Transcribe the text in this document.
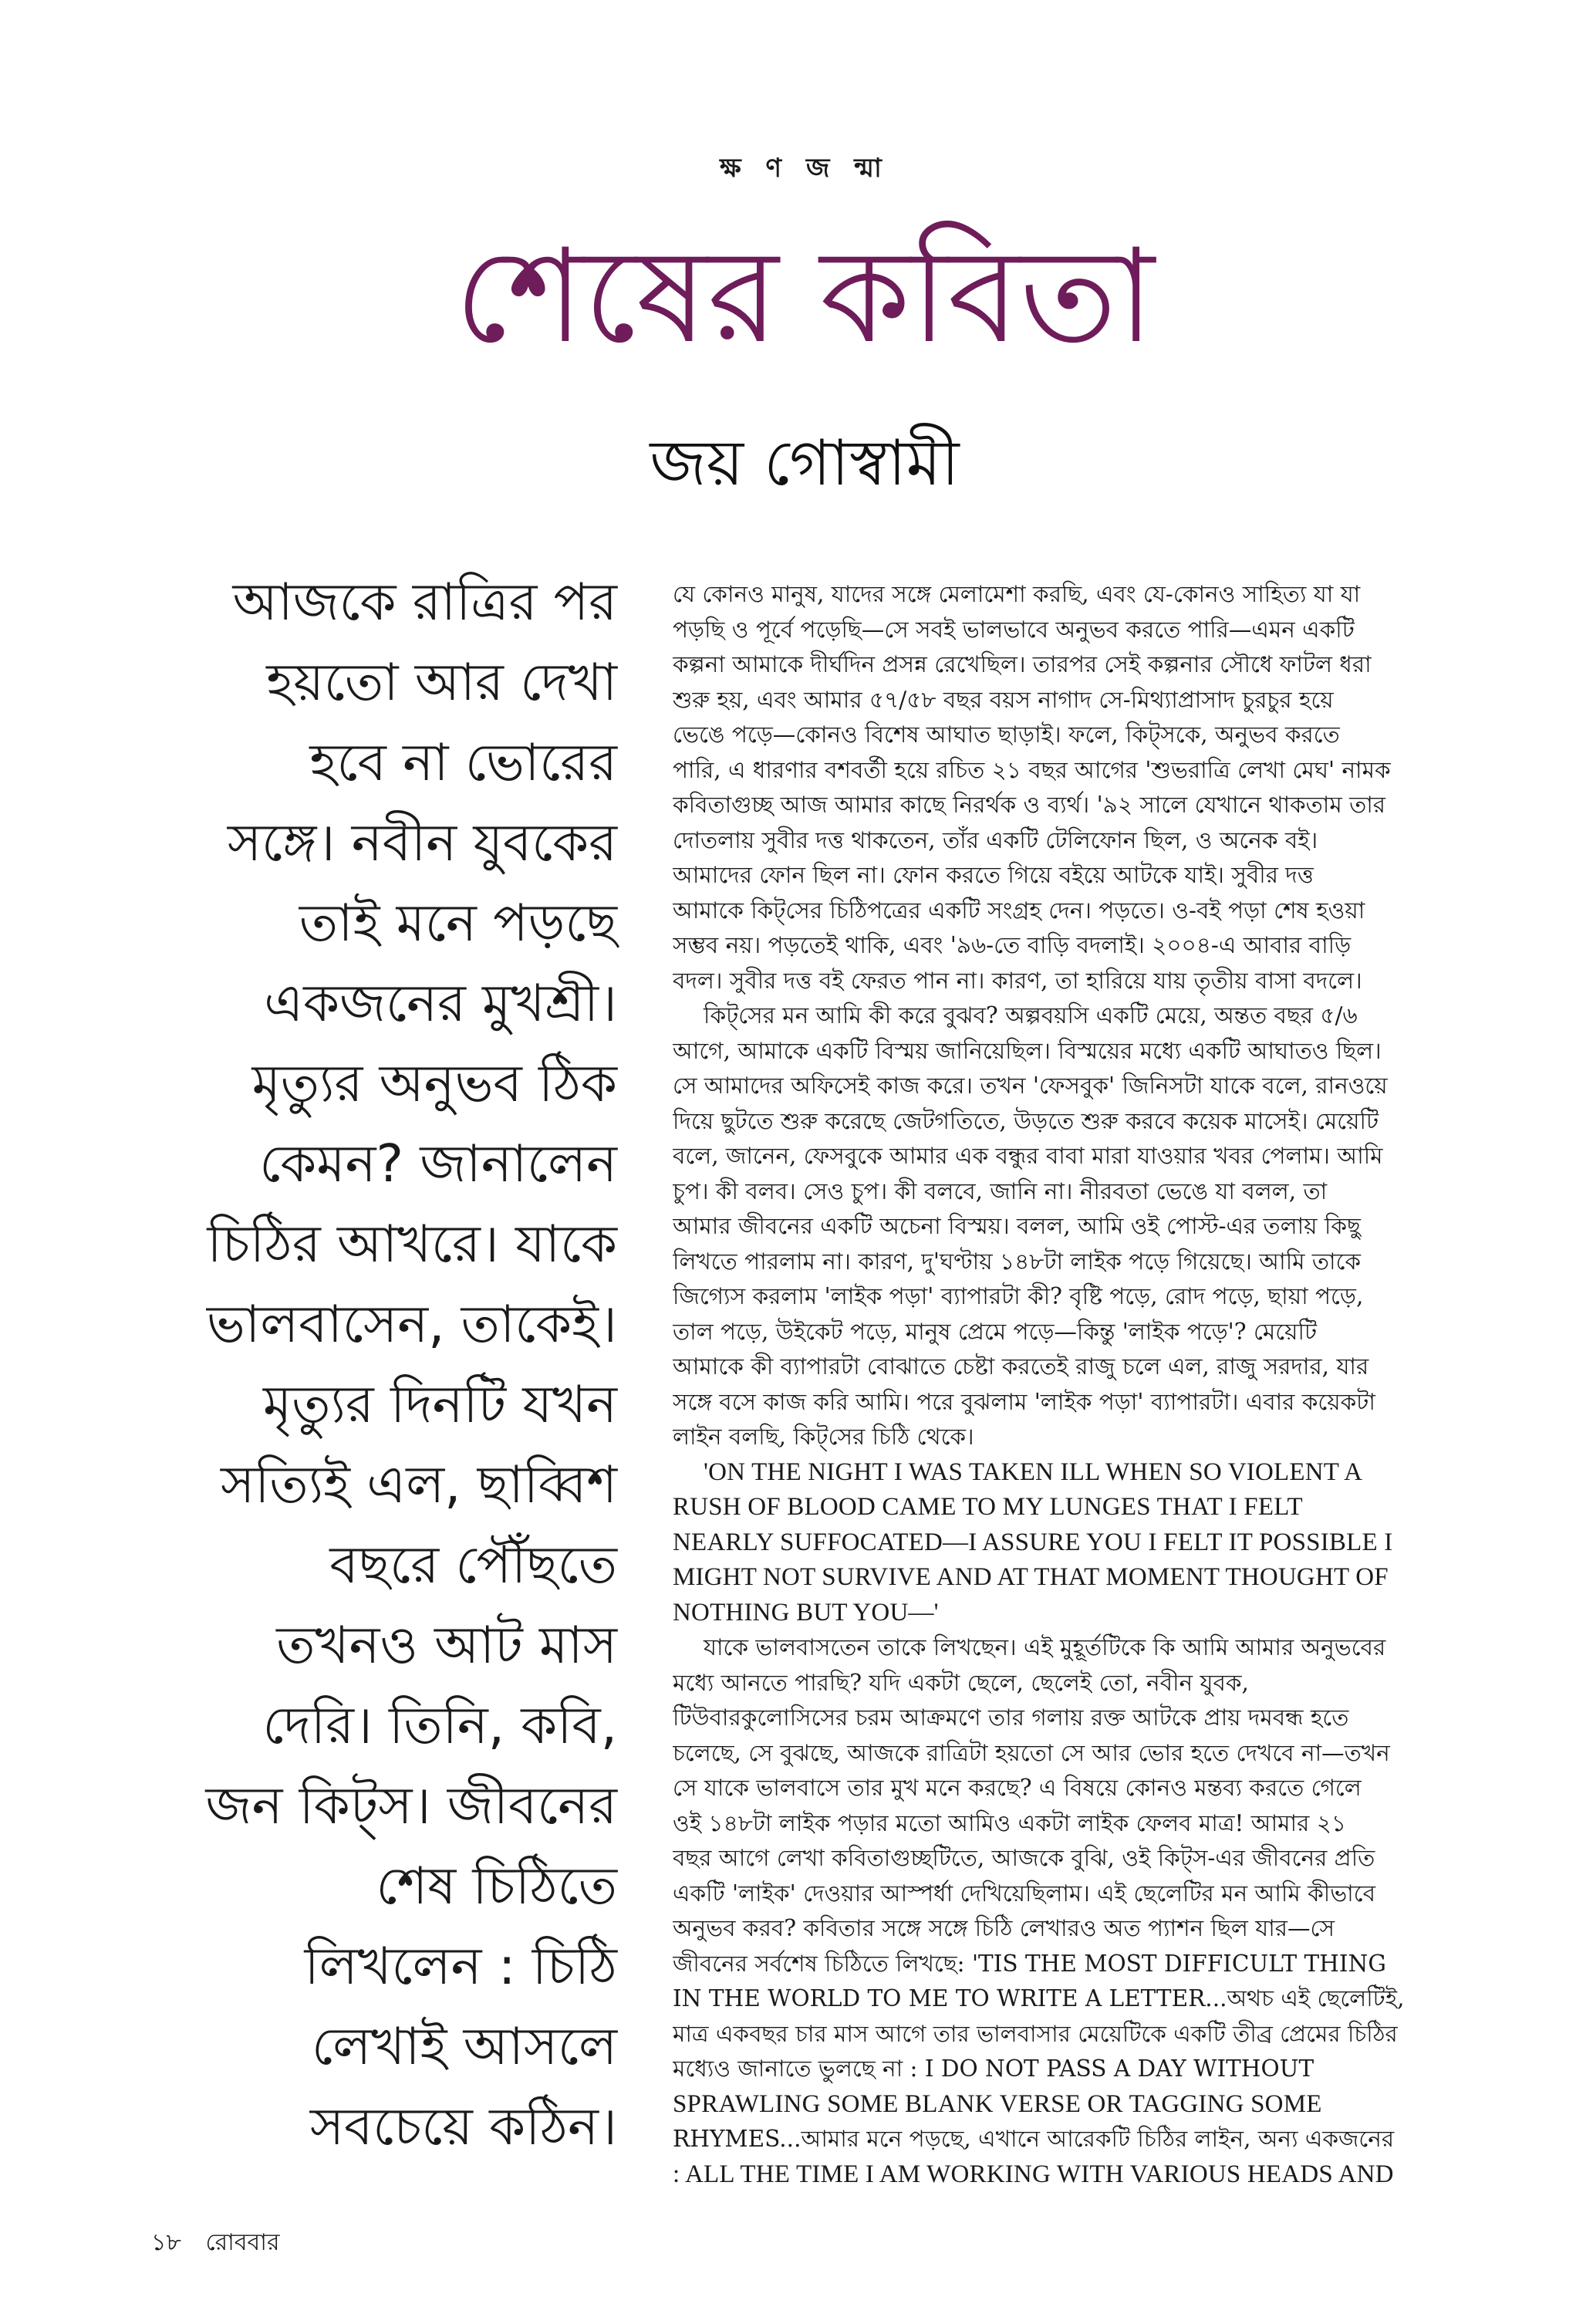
ক্ষ ণ জ ন্মা
শেষের কবিতা
জয় গোস্বামী
আজকে রাত্রির পর
হয়তো আর দেখা
হবে না ভোরের
সঙ্গে। নবীন যুবকের
তাই মনে পড়ছে
একজনের মুখশ্রী।
মৃত্যুর অনুভব ঠিক
কেমন? জানালেন
চিঠির আখরে। যাকে
ভালবাসেন, তাকেই।
মৃত্যুর দিনটি যখন
সত্যিই এল, ছাব্বিশ
বছরে পৌঁছতে
তখনও আট মাস
দেরি। তিনি, কবি,
জন কিট্‌স। জীবনের
শেষ চিঠিতে
লিখলেন : চিঠি
লেখাই আসলে
সবচেয়ে কঠিন।
যে কোনও মানুষ, যাদের সঙ্গে মেলামেশা করছি, এবং যে-কোনও সাহিত্য যা যা
পড়ছি ও পূর্বে পড়েছি—সে সবই ভালভাবে অনুভব করতে পারি—এমন একটি
কল্পনা আমাকে দীর্ঘদিন প্রসন্ন রেখেছিল। তারপর সেই কল্পনার সৌধে ফাটল ধরা
শুরু হয়, এবং আমার ৫৭/৫৮ বছর বয়স নাগাদ সে-মিথ্যাপ্রাসাদ চুরচুর হয়ে
ভেঙে পড়ে—কোনও বিশেষ আঘাত ছাড়াই। ফলে, কিট্‌সকে, অনুভব করতে
পারি, এ ধারণার বশবর্তী হয়ে রচিত ২১ বছর আগের 'শুভরাত্রি লেখা মেঘ' নামক
কবিতাগুচ্ছ আজ আমার কাছে নিরর্থক ও ব্যর্থ। '৯২ সালে যেখানে থাকতাম তার
দোতলায় সুবীর দত্ত থাকতেন, তাঁর একটি টেলিফোন ছিল, ও অনেক বই।
আমাদের ফোন ছিল না। ফোন করতে গিয়ে বইয়ে আটকে যাই। সুবীর দত্ত
আমাকে কিট্‌সের চিঠিপত্রের একটি সংগ্রহ দেন। পড়তে। ও-বই পড়া শেষ হওয়া
সম্ভব নয়। পড়তেই থাকি, এবং '৯৬-তে বাড়ি বদলাই। ২০০৪-এ আবার বাড়ি
বদল। সুবীর দত্ত বই ফেরত পান না। কারণ, তা হারিয়ে যায় তৃতীয় বাসা বদলে।
কিট্‌সের মন আমি কী করে বুঝব? অল্পবয়সি একটি মেয়ে, অন্তত বছর ৫/৬
আগে, আমাকে একটি বিস্ময় জানিয়েছিল। বিস্ময়ের মধ্যে একটি আঘাতও ছিল।
সে আমাদের অফিসেই কাজ করে। তখন 'ফেসবুক' জিনিসটা যাকে বলে, রানওয়ে
দিয়ে ছুটতে শুরু করেছে জেটগতিতে, উড়তে শুরু করবে কয়েক মাসেই। মেয়েটি
বলে, জানেন, ফেসবুকে আমার এক বন্ধুর বাবা মারা যাওয়ার খবর পেলাম। আমি
চুপ। কী বলব। সেও চুপ। কী বলবে, জানি না। নীরবতা ভেঙে যা বলল, তা
আমার জীবনের একটি অচেনা বিস্ময়। বলল, আমি ওই পোস্ট-এর তলায় কিছু
লিখতে পারলাম না। কারণ, দু'ঘণ্টায় ১৪৮টা লাইক পড়ে গিয়েছে। আমি তাকে
জিগ্যেস করলাম 'লাইক পড়া' ব্যাপারটা কী? বৃষ্টি পড়ে, রোদ পড়ে, ছায়া পড়ে,
তাল পড়ে, উইকেট পড়ে, মানুষ প্রেমে পড়ে—কিন্তু 'লাইক পড়ে'? মেয়েটি
আমাকে কী ব্যাপারটা বোঝাতে চেষ্টা করতেই রাজু চলে এল, রাজু সরদার, যার
সঙ্গে বসে কাজ করি আমি। পরে বুঝলাম 'লাইক পড়া' ব্যাপারটা। এবার কয়েকটা
লাইন বলছি, কিট্‌সের চিঠি থেকে।
'ON THE NIGHT I WAS TAKEN ILL WHEN SO VIOLENT A
RUSH OF BLOOD CAME TO MY LUNGES THAT I FELT
NEARLY SUFFOCATED—I ASSURE YOU I FELT IT POSSIBLE I
MIGHT NOT SURVIVE AND AT THAT MOMENT THOUGHT OF
NOTHING BUT YOU—'
যাকে ভালবাসতেন তাকে লিখছেন। এই মুহূর্তটিকে কি আমি আমার অনুভবের
মধ্যে আনতে পারছি? যদি একটা ছেলে, ছেলেই তো, নবীন যুবক,
টিউবারকুলোসিসের চরম আক্রমণে তার গলায় রক্ত আটকে প্রায় দমবন্ধ হতে
চলেছে, সে বুঝছে, আজকে রাত্রিটা হয়তো সে আর ভোর হতে দেখবে না—তখন
সে যাকে ভালবাসে তার মুখ মনে করছে? এ বিষয়ে কোনও মন্তব্য করতে গেলে
ওই ১৪৮টা লাইক পড়ার মতো আমিও একটা লাইক ফেলব মাত্র! আমার ২১
বছর আগে লেখা কবিতাগুচ্ছটিতে, আজকে বুঝি, ওই কিট্‌স-এর জীবনের প্রতি
একটি 'লাইক' দেওয়ার আস্পর্ধা দেখিয়েছিলাম। এই ছেলেটির মন আমি কীভাবে
অনুভব করব? কবিতার সঙ্গে সঙ্গে চিঠি লেখারও অত প্যাশন ছিল যার—সে
জীবনের সর্বশেষ চিঠিতে লিখছে: 'TIS THE MOST DIFFICULT THING
IN THE WORLD TO ME TO WRITE A LETTER...অথচ এই ছেলেটিই,
মাত্র একবছর চার মাস আগে তার ভালবাসার মেয়েটিকে একটি তীব্র প্রেমের চিঠির
মধ্যেও জানাতে ভুলছে না : I DO NOT PASS A DAY WITHOUT
SPRAWLING SOME BLANK VERSE OR TAGGING SOME
RHYMES...আমার মনে পড়ছে, এখানে আরেকটি চিঠির লাইন, অন্য একজনের
: ALL THE TIME I AM WORKING WITH VARIOUS HEADS AND
১৮ রোববার
